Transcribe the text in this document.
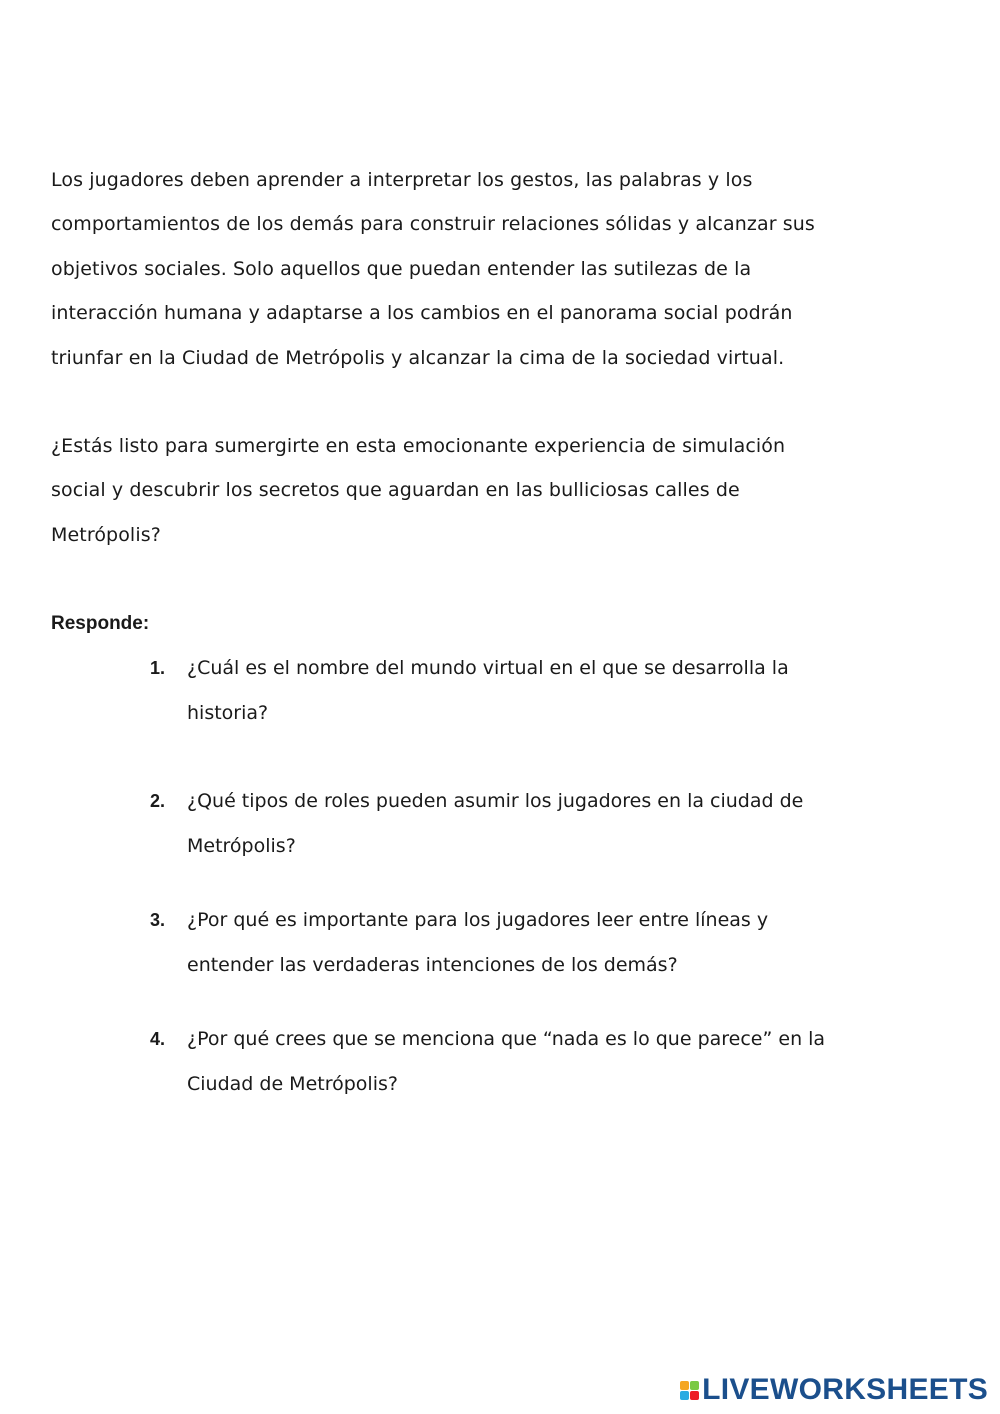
Los jugadores deben aprender a interpretar los gestos, las palabras y los
comportamientos de los demás para construir relaciones sólidas y alcanzar sus
objetivos sociales. Solo aquellos que puedan entender las sutilezas de la
interacción humana y adaptarse a los cambios en el panorama social podrán
triunfar en la Ciudad de Metrópolis y alcanzar la cima de la sociedad virtual.

¿Estás listo para sumergirte en esta emocionante experiencia de simulación
social y descubrir los secretos que aguardan en las bulliciosas calles de
Metrópolis?

Responde:

1. ¿Cuál es el nombre del mundo virtual en el que se desarrolla la
historia?
2. ¿Qué tipos de roles pueden asumir los jugadores en la ciudad de
Metrópolis?
3. ¿Por qué es importante para los jugadores leer entre líneas y
entender las verdaderas intenciones de los demás?
4. ¿Por qué crees que se menciona que “nada es lo que parece” en la
Ciudad de Metrópolis?
LIVEWORKSHEETS
